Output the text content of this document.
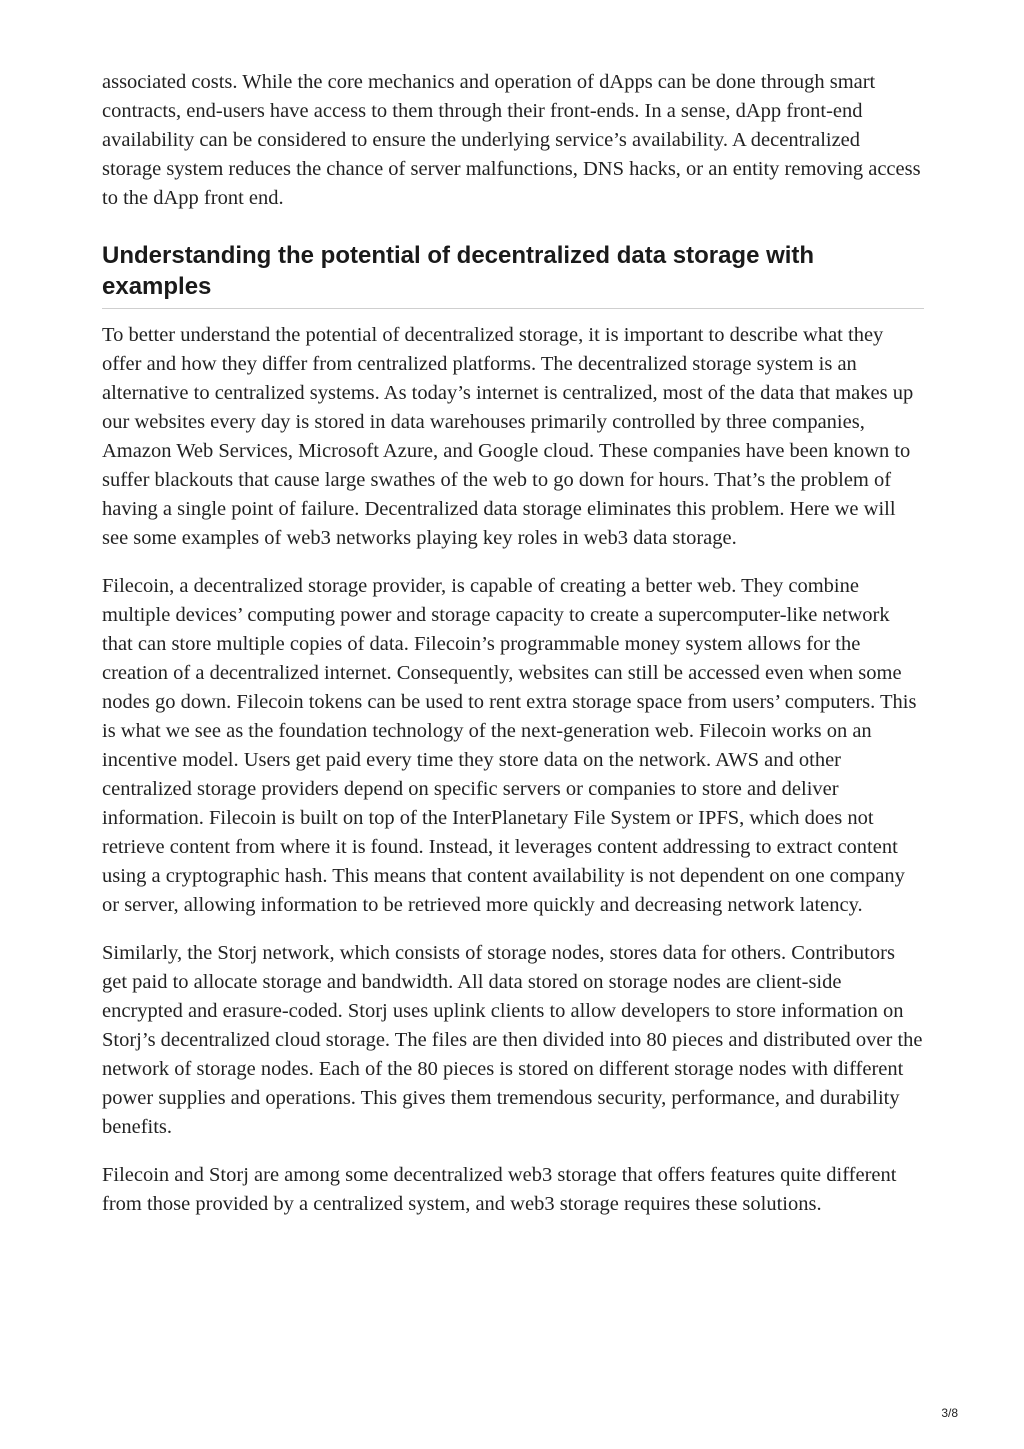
associated costs. While the core mechanics and operation of dApps can be done through smart contracts, end-users have access to them through their front-ends. In a sense, dApp front-end availability can be considered to ensure the underlying service’s availability. A decentralized storage system reduces the chance of server malfunctions, DNS hacks, or an entity removing access to the dApp front end.

Understanding the potential of decentralized data storage with examples

To better understand the potential of decentralized storage, it is important to describe what they offer and how they differ from centralized platforms. The decentralized storage system is an alternative to centralized systems. As today’s internet is centralized, most of the data that makes up our websites every day is stored in data warehouses primarily controlled by three companies, Amazon Web Services, Microsoft Azure, and Google cloud. These companies have been known to suffer blackouts that cause large swathes of the web to go down for hours. That’s the problem of having a single point of failure. Decentralized data storage eliminates this problem. Here we will see some examples of web3 networks playing key roles in web3 data storage.

Filecoin, a decentralized storage provider, is capable of creating a better web. They combine multiple devices’ computing power and storage capacity to create a supercomputer-like network that can store multiple copies of data. Filecoin’s programmable money system allows for the creation of a decentralized internet. Consequently, websites can still be accessed even when some nodes go down. Filecoin tokens can be used to rent extra storage space from users’ computers. This is what we see as the foundation technology of the next-generation web. Filecoin works on an incentive model. Users get paid every time they store data on the network. AWS and other centralized storage providers depend on specific servers or companies to store and deliver information. Filecoin is built on top of the InterPlanetary File System or IPFS, which does not retrieve content from where it is found. Instead, it leverages content addressing to extract content using a cryptographic hash. This means that content availability is not dependent on one company or server, allowing information to be retrieved more quickly and decreasing network latency.

Similarly, the Storj network, which consists of storage nodes, stores data for others. Contributors get paid to allocate storage and bandwidth. All data stored on storage nodes are client-side encrypted and erasure-coded. Storj uses uplink clients to allow developers to store information on Storj’s decentralized cloud storage. The files are then divided into 80 pieces and distributed over the network of storage nodes. Each of the 80 pieces is stored on different storage nodes with different power supplies and operations. This gives them tremendous security, performance, and durability benefits.

Filecoin and Storj are among some decentralized web3 storage that offers features quite different from those provided by a centralized system, and web3 storage requires these solutions.

3/8
